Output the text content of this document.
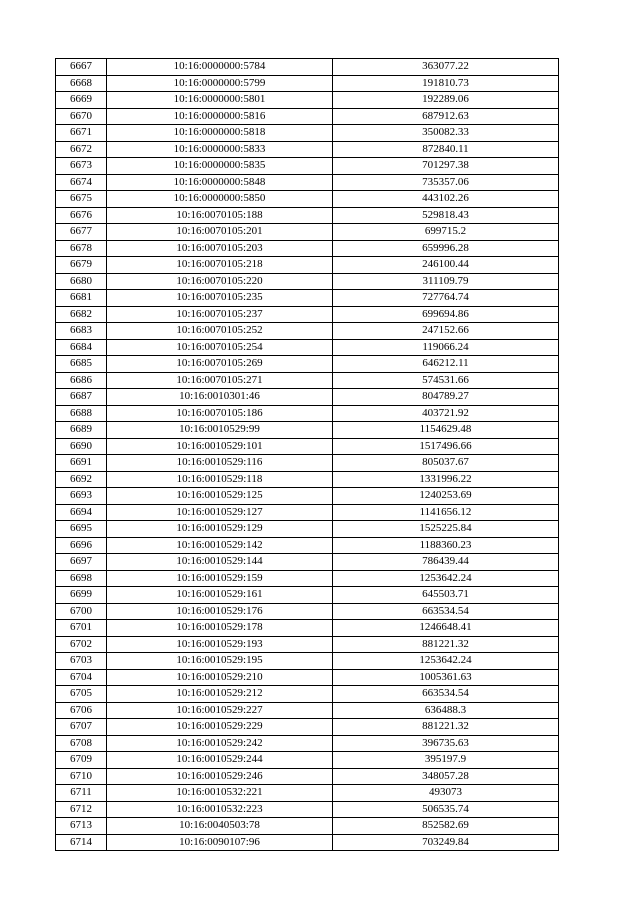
6667	10:16:0000000:5784	363077.22
6668	10:16:0000000:5799	191810.73
6669	10:16:0000000:5801	192289.06
6670	10:16:0000000:5816	687912.63
6671	10:16:0000000:5818	350082.33
6672	10:16:0000000:5833	872840.11
6673	10:16:0000000:5835	701297.38
6674	10:16:0000000:5848	735357.06
6675	10:16:0000000:5850	443102.26
6676	10:16:0070105:188	529818.43
6677	10:16:0070105:201	699715.2
6678	10:16:0070105:203	659996.28
6679	10:16:0070105:218	246100.44
6680	10:16:0070105:220	311109.79
6681	10:16:0070105:235	727764.74
6682	10:16:0070105:237	699694.86
6683	10:16:0070105:252	247152.66
6684	10:16:0070105:254	119066.24
6685	10:16:0070105:269	646212.11
6686	10:16:0070105:271	574531.66
6687	10:16:0010301:46	804789.27
6688	10:16:0070105:186	403721.92
6689	10:16:0010529:99	1154629.48
6690	10:16:0010529:101	1517496.66
6691	10:16:0010529:116	805037.67
6692	10:16:0010529:118	1331996.22
6693	10:16:0010529:125	1240253.69
6694	10:16:0010529:127	1141656.12
6695	10:16:0010529:129	1525225.84
6696	10:16:0010529:142	1188360.23
6697	10:16:0010529:144	786439.44
6698	10:16:0010529:159	1253642.24
6699	10:16:0010529:161	645503.71
6700	10:16:0010529:176	663534.54
6701	10:16:0010529:178	1246648.41
6702	10:16:0010529:193	881221.32
6703	10:16:0010529:195	1253642.24
6704	10:16:0010529:210	1005361.63
6705	10:16:0010529:212	663534.54
6706	10:16:0010529:227	636488.3
6707	10:16:0010529:229	881221.32
6708	10:16:0010529:242	396735.63
6709	10:16:0010529:244	395197.9
6710	10:16:0010529:246	348057.28
6711	10:16:0010532:221	493073
6712	10:16:0010532:223	506535.74
6713	10:16:0040503:78	852582.69
6714	10:16:0090107:96	703249.84
